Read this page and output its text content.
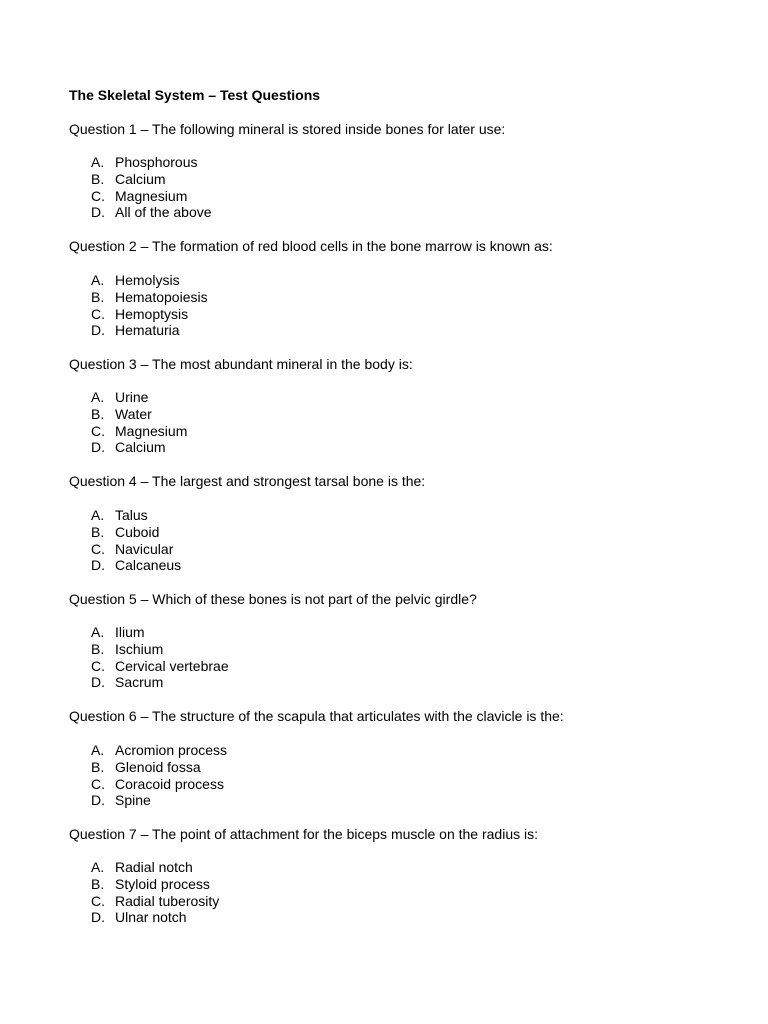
The Skeletal System – Test Questions
Question 1 – The following mineral is stored inside bones for later use:
A. Phosphorous
B. Calcium
C. Magnesium
D. All of the above
Question 2 – The formation of red blood cells in the bone marrow is known as:
A. Hemolysis
B. Hematopoiesis
C. Hemoptysis
D. Hematuria
Question 3 – The most abundant mineral in the body is:
A. Urine
B. Water
C. Magnesium
D. Calcium
Question 4 – The largest and strongest tarsal bone is the:
A. Talus
B. Cuboid
C. Navicular
D. Calcaneus
Question 5 – Which of these bones is not part of the pelvic girdle?
A. Ilium
B. Ischium
C. Cervical vertebrae
D. Sacrum
Question 6 – The structure of the scapula that articulates with the clavicle is the:
A. Acromion process
B. Glenoid fossa
C. Coracoid process
D. Spine
Question 7 – The point of attachment for the biceps muscle on the radius is:
A. Radial notch
B. Styloid process
C. Radial tuberosity
D. Ulnar notch
